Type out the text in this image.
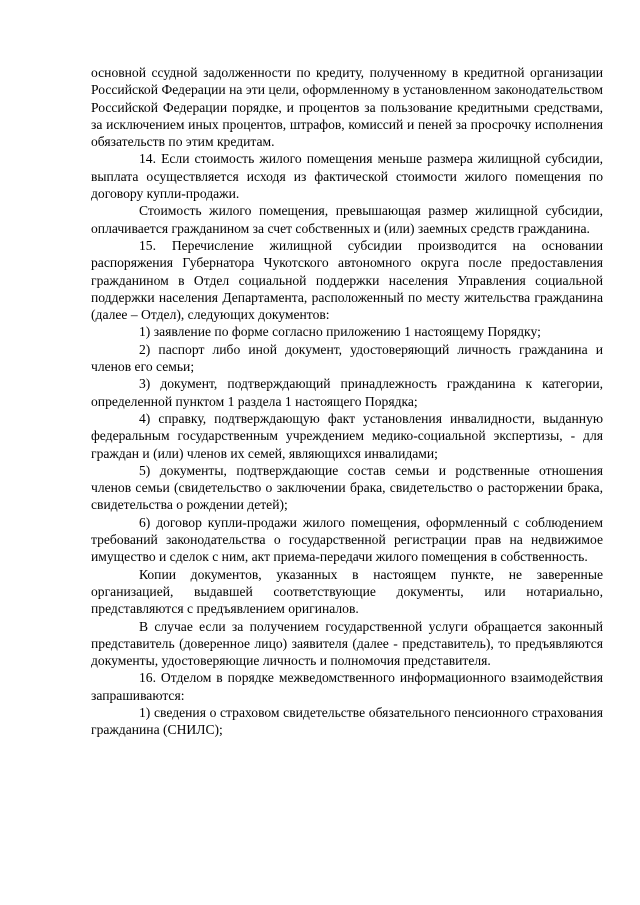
основной ссудной задолженности по кредиту, полученному в кредитной организации Российской Федерации на эти цели, оформленному в установленном законодательством Российской Федерации порядке, и процентов за пользование кредитными средствами, за исключением иных процентов, штрафов, комиссий и пеней за просрочку исполнения обязательств по этим кредитам.

14. Если стоимость жилого помещения меньше размера жилищной субсидии, выплата осуществляется исходя из фактической стоимости жилого помещения по договору купли-продажи.

Стоимость жилого помещения, превышающая размер жилищной субсидии, оплачивается гражданином за счет собственных и (или) заемных средств гражданина.

15. Перечисление жилищной субсидии производится на основании распоряжения Губернатора Чукотского автономного округа после предоставления гражданином в Отдел социальной поддержки населения Управления социальной поддержки населения Департамента, расположенный по месту жительства гражданина (далее – Отдел), следующих документов:

1) заявление по форме согласно приложению 1 настоящему Порядку;

2) паспорт либо иной документ, удостоверяющий личность гражданина и членов его семьи;

3) документ, подтверждающий принадлежность гражданина к категории, определенной пунктом 1 раздела 1 настоящего Порядка;

4) справку, подтверждающую факт установления инвалидности, выданную федеральным государственным учреждением медико-социальной экспертизы, - для граждан и (или) членов их семей, являющихся инвалидами;

5) документы, подтверждающие состав семьи и родственные отношения членов семьи (свидетельство о заключении брака, свидетельство о расторжении брака, свидетельства о рождении детей);

6) договор купли-продажи жилого помещения, оформленный с соблюдением требований законодательства о государственной регистрации прав на недвижимое имущество и сделок с ним, акт приема-передачи жилого помещения в собственность.

Копии документов, указанных в настоящем пункте, не заверенные организацией, выдавшей соответствующие документы, или нотариально, представляются с предъявлением оригиналов.

В случае если за получением государственной услуги обращается законный представитель (доверенное лицо) заявителя (далее - представитель), то предъявляются документы, удостоверяющие личность и полномочия представителя.

16. Отделом в порядке межведомственного информационного взаимодействия запрашиваются:

1) сведения о страховом свидетельстве обязательного пенсионного страхования гражданина (СНИЛС);
